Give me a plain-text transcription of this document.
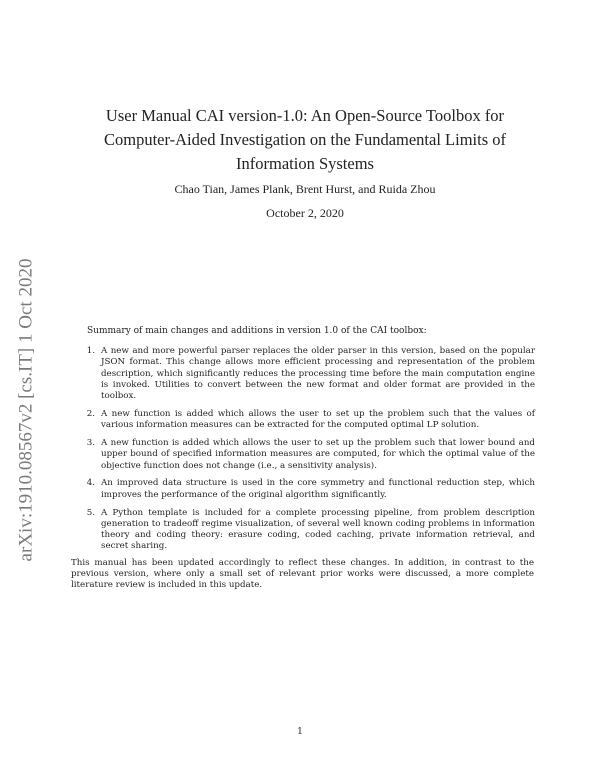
arXiv:1910.08567v2 [cs.IT] 1 Oct 2020
User Manual CAI version-1.0: An Open-Source Toolbox for Computer-Aided Investigation on the Fundamental Limits of Information Systems
Chao Tian, James Plank, Brent Hurst, and Ruida Zhou
October 2, 2020
Summary of main changes and additions in version 1.0 of the CAI toolbox:
1. A new and more powerful parser replaces the older parser in this version, based on the popular JSON format. This change allows more efficient processing and representation of the problem description, which significantly reduces the processing time before the main computation engine is invoked. Utilities to convert between the new format and older format are provided in the toolbox.
2. A new function is added which allows the user to set up the problem such that the values of various information measures can be extracted for the computed optimal LP solution.
3. A new function is added which allows the user to set up the problem such that lower bound and upper bound of specified information measures are computed, for which the optimal value of the objective function does not change (i.e., a sensitivity analysis).
4. An improved data structure is used in the core symmetry and functional reduction step, which improves the performance of the original algorithm significantly.
5. A Python template is included for a complete processing pipeline, from problem description generation to tradeoff regime visualization, of several well known coding problems in information theory and coding theory: erasure coding, coded caching, private information retrieval, and secret sharing.

This manual has been updated accordingly to reflect these changes. In addition, in contrast to the previous version, where only a small set of relevant prior works were discussed, a more complete literature review is included in this update.

1
